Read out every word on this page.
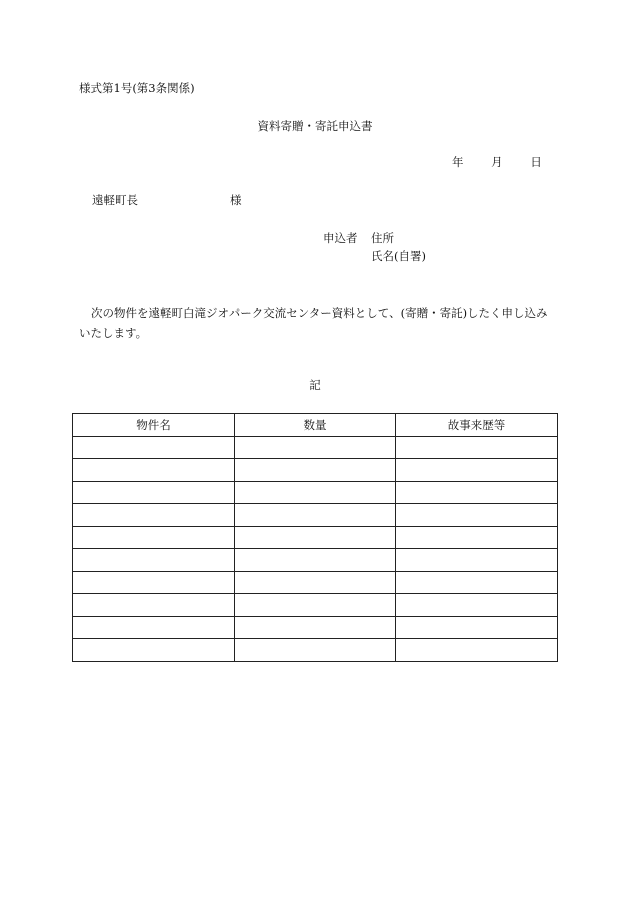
様式第1号(第3条関係)
資料寄贈・寄託申込書
年 月 日
遠軽町長	様
申込者 住所
氏名(自署)
次の物件を遠軽町白滝ジオパーク交流センター資料として、(寄贈・寄託)したく申し込みいたします。
記
物件名	数量	故事来歴等
